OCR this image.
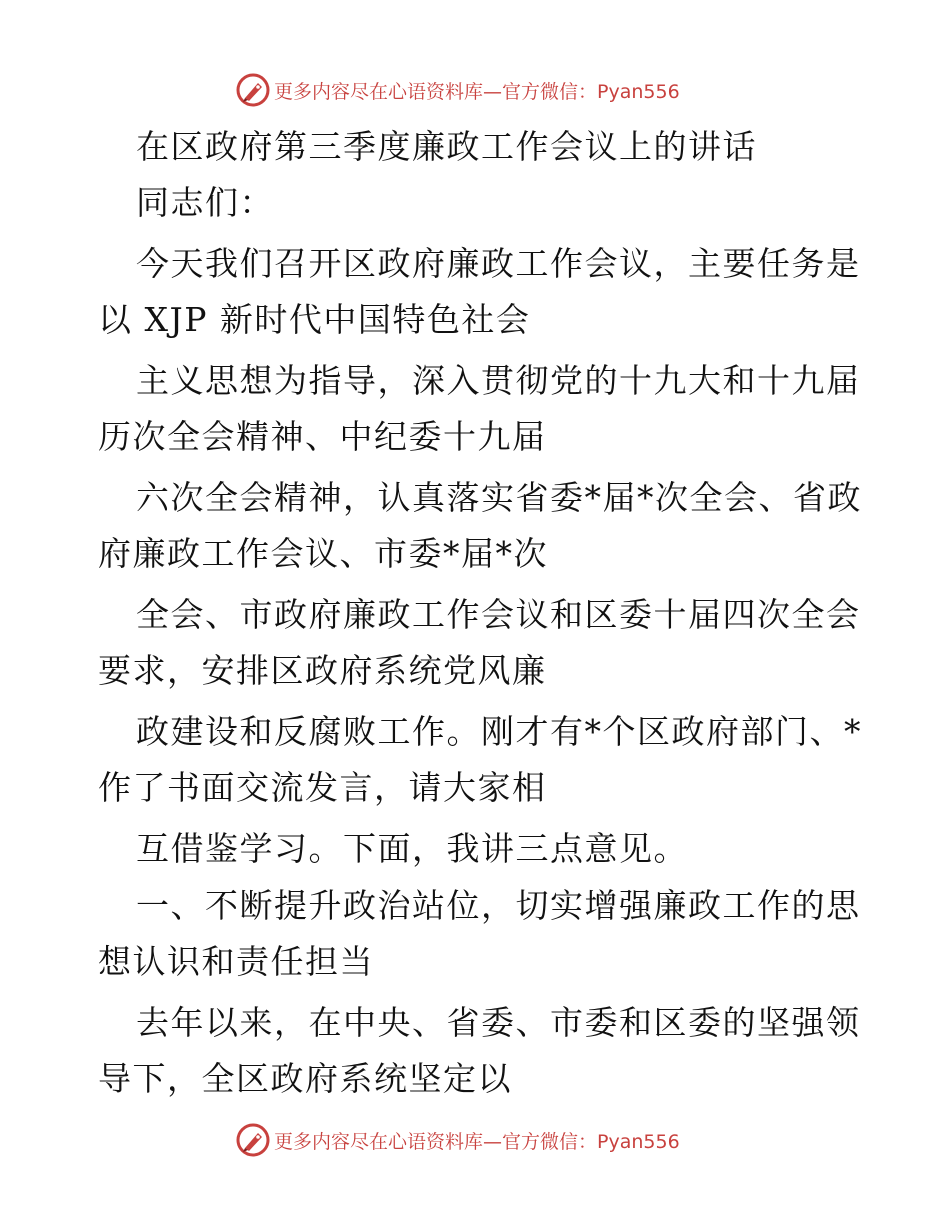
更多内容尽在心语资料库—官方微信：Pyan556
在区政府第三季度廉政工作会议上的讲话
同志们：
今天我们召开区政府廉政工作会议，主要任务是
以 XJP 新时代中国特色社会
主义思想为指导，深入贯彻党的十九大和十九届
历次全会精神、中纪委十九届
六次全会精神，认真落实省委*届*次全会、省政
府廉政工作会议、市委*届*次
全会、市政府廉政工作会议和区委十届四次全会
要求，安排区政府系统党风廉
政建设和反腐败工作。刚才有*个区政府部门、*
作了书面交流发言，请大家相
互借鉴学习。下面，我讲三点意见。
一、不断提升政治站位，切实增强廉政工作的思
想认识和责任担当
去年以来，在中央、省委、市委和区委的坚强领
导下，全区政府系统坚定以
更多内容尽在心语资料库—官方微信：Pyan556
